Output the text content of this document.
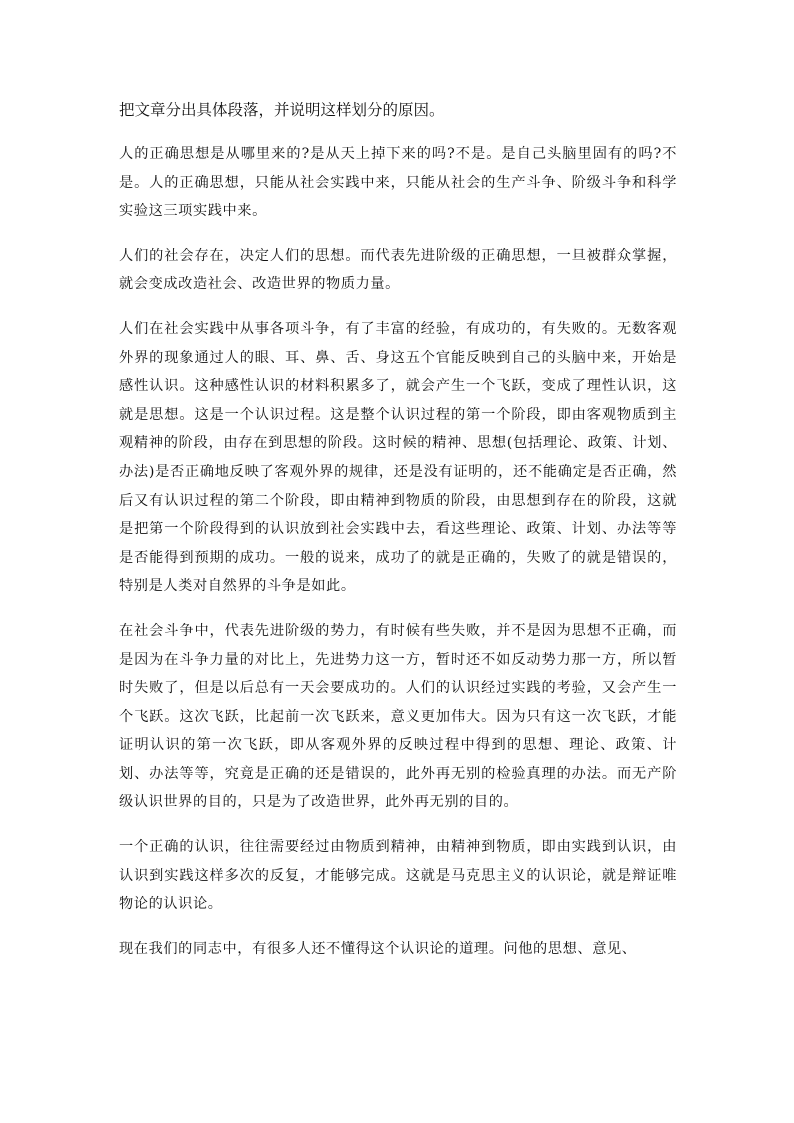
把文章分出具体段落，并说明这样划分的原因。

人的正确思想是从哪里来的?是从天上掉下来的吗?不是。是自己头脑里固有的吗?不是。人的正确思想，只能从社会实践中来，只能从社会的生产斗争、阶级斗争和科学实验这三项实践中来。

人们的社会存在，决定人们的思想。而代表先进阶级的正确思想，一旦被群众掌握，就会变成改造社会、改造世界的物质力量。

人们在社会实践中从事各项斗争，有了丰富的经验，有成功的，有失败的。无数客观外界的现象通过人的眼、耳、鼻、舌、身这五个官能反映到自己的头脑中来，开始是感性认识。这种感性认识的材料积累多了，就会产生一个飞跃，变成了理性认识，这就是思想。这是一个认识过程。这是整个认识过程的第一个阶段，即由客观物质到主观精神的阶段，由存在到思想的阶段。这时候的精神、思想(包括理论、政策、计划、办法)是否正确地反映了客观外界的规律，还是没有证明的，还不能确定是否正确，然后又有认识过程的第二个阶段，即由精神到物质的阶段，由思想到存在的阶段，这就是把第一个阶段得到的认识放到社会实践中去，看这些理论、政策、计划、办法等等是否能得到预期的成功。一般的说来，成功了的就是正确的，失败了的就是错误的，特别是人类对自然界的斗争是如此。

在社会斗争中，代表先进阶级的势力，有时候有些失败，并不是因为思想不正确，而是因为在斗争力量的对比上，先进势力这一方，暂时还不如反动势力那一方，所以暂时失败了，但是以后总有一天会要成功的。人们的认识经过实践的考验，又会产生一个飞跃。这次飞跃，比起前一次飞跃来，意义更加伟大。因为只有这一次飞跃，才能证明认识的第一次飞跃，即从客观外界的反映过程中得到的思想、理论、政策、计划、办法等等，究竟是正确的还是错误的，此外再无别的检验真理的办法。而无产阶级认识世界的目的，只是为了改造世界，此外再无别的目的。

一个正确的认识，往往需要经过由物质到精神，由精神到物质，即由实践到认识，由认识到实践这样多次的反复，才能够完成。这就是马克思主义的认识论，就是辩证唯物论的认识论。

现在我们的同志中，有很多人还不懂得这个认识论的道理。问他的思想、意见、
